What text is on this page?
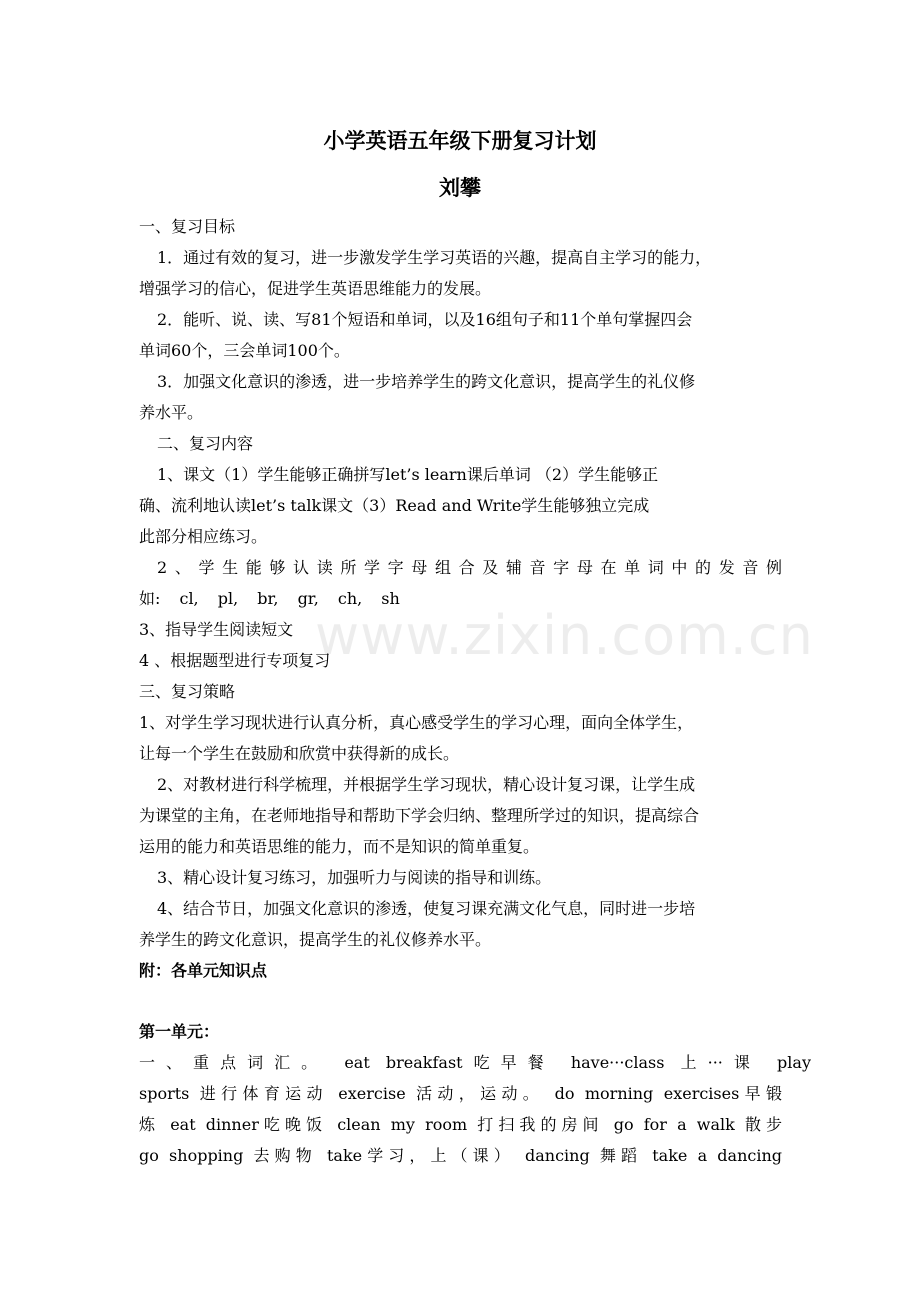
www.zixin.com.cn
小学英语五年级下册复习计划
刘攀
一、复习目标
1．通过有效的复习，进一步激发学生学习英语的兴趣，提高自主学习的能力，
增强学习的信心，促进学生英语思维能力的发展。
2．能听、说、读、写81个短语和单词，以及16组句子和11个单句掌握四会
单词60个，三会单词100个。
3．加强文化意识的渗透，进一步培养学生的跨文化意识，提高学生的礼仪修
养水平。
二、复习内容
1、课文（1）学生能够正确拼写let’s learn课后单词 （2）学生能够正
确、流利地认读let’s talk课文（3）Read and Write学生能够独立完成
此部分相应练习。
2、学生能够认读所学字母组合及辅音字母在单词中的发音例
如: cl, pl, br, gr, ch, sh
3、指导学生阅读短文
4 、根据题型进行专项复习
三、复习策略
1、对学生学习现状进行认真分析，真心感受学生的学习心理，面向全体学生，
让每一个学生在鼓励和欣赏中获得新的成长。
2、对教材进行科学梳理，并根据学生学习现状，精心设计复习课，让学生成
为课堂的主角，在老师地指导和帮助下学会归纳、整理所学过的知识，提高综合
运用的能力和英语思维的能力，而不是知识的简单重复。
3、精心设计复习练习，加强听力与阅读的指导和训练。
4、结合节日，加强文化意识的渗透，使复习课充满文化气息，同时进一步培
养学生的跨文化意识，提高学生的礼仪修养水平。
附：各单元知识点
第一单元：
一、重点词汇。 eat breakfast吃早餐 have···class 上···课 play
sports 进行体育运动 exercise 活动，运动。 do morning exercises早锻
炼 eat dinner吃晚饭 clean my room 打扫我的房间 go for a walk 散步
go shopping 去购物 take学习，上（课） dancing 舞蹈 take a dancing
